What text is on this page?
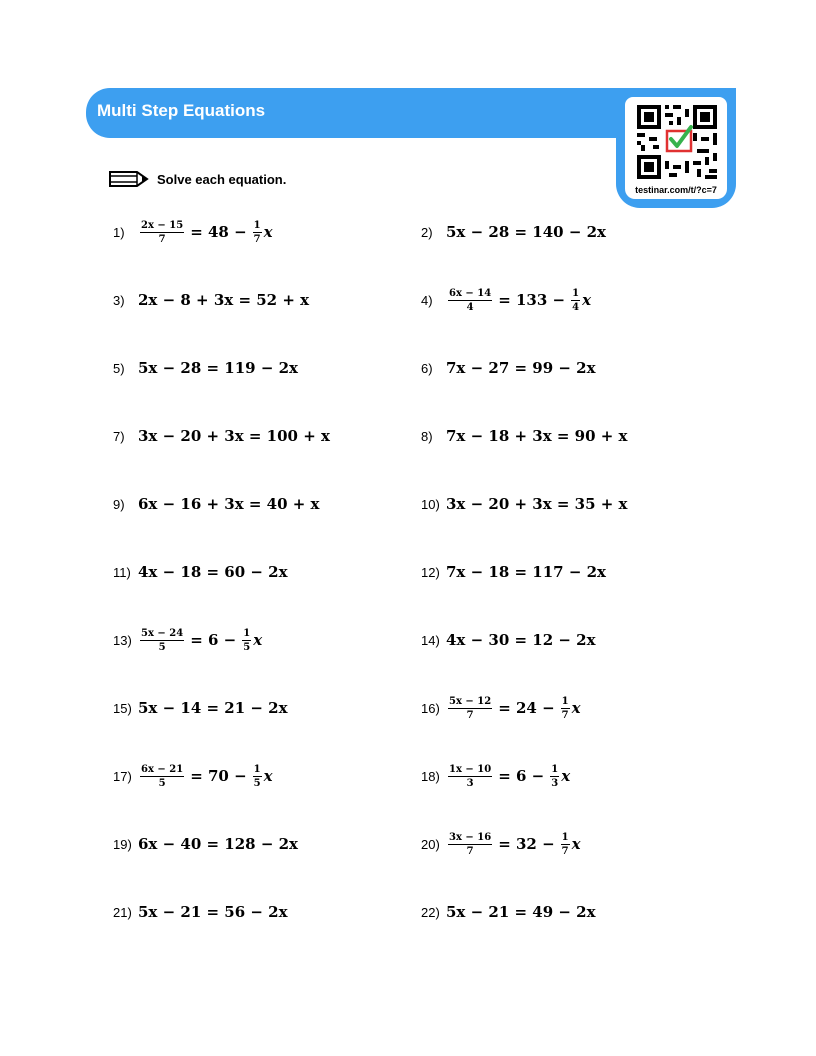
Multi Step Equations
testinar.com/t/?c=7
Solve each equation.
1)	$\frac{2x - 15}{7} = 48 - \frac{1}{7}$ x	2) 5x − 28 = 140 − 2x
3) 2x − 8 + 3x = 52 + x	4)	$\frac{6x - 14}{4} = 133 - \frac{1}{4}$ x
5) 5x − 28 = 119 − 2x	6) 7x − 27 = 99 − 2x
7) 3x − 20 + 3x = 100 + x	8) 7x − 18 + 3x = 90 + x
9) 6x − 16 + 3x = 40 + x	10) 3x − 20 + 3x = 35 + x
11) 4x − 18 = 60 − 2x	12) 7x − 18 = 117 − 2x
$13) \frac{5x - 24}{5} = 6 - \frac{1}{5}$ x	14) 4x − 30 = 12 − 2x
15) 5x − 14 = 21 − 2x	$16) \frac{5x - 12}{7} = 24 - \frac{1}{7}$ x
$17) \frac{6x - 21}{5} = 70 - \frac{1}{5}$ x	$18) \frac{1x - 10}{3} = 6 - \frac{1}{3}$ x
19) 6x − 40 = 128 − 2x	$20) \frac{3x - 16}{7} = 32 - \frac{1}{7}$ x
21) 5x − 21 = 56 − 2x	22) 5x − 21 = 49 − 2x
